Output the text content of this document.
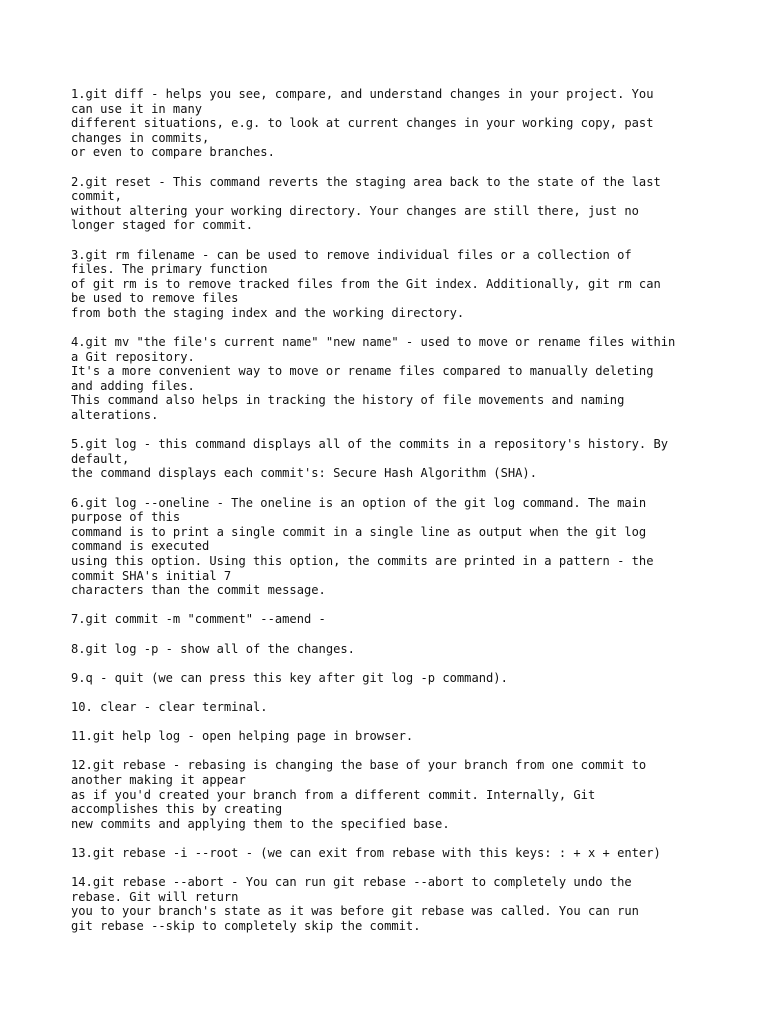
1.git diff - helps you see, compare, and understand changes in your project. You
can use it in many
different situations, e.g. to look at current changes in your working copy, past
changes in commits,
or even to compare branches.
2.git reset - This command reverts the staging area back to the state of the last
commit,
without altering your working directory. Your changes are still there, just no
longer staged for commit.
3.git rm filename - can be used to remove individual files or a collection of
files. The primary function
of git rm is to remove tracked files from the Git index. Additionally, git rm can
be used to remove files
from both the staging index and the working directory.
4.git mv "the file's current name" "new name" - used to move or rename files within
a Git repository.
It's a more convenient way to move or rename files compared to manually deleting
and adding files.
This command also helps in tracking the history of file movements and naming
alterations.
5.git log - this command displays all of the commits in a repository's history. By
default,
the command displays each commit's: Secure Hash Algorithm (SHA).
6.git log --oneline - The oneline is an option of the git log command. The main
purpose of this
command is to print a single commit in a single line as output when the git log
command is executed
using this option. Using this option, the commits are printed in a pattern - the
commit SHA's initial 7
characters than the commit message.
7.git commit -m "comment" --amend -
8.git log -p - show all of the changes.
9.q - quit (we can press this key after git log -p command).
10. clear - clear terminal.
11.git help log - open helping page in browser.
12.git rebase - rebasing is changing the base of your branch from one commit to
another making it appear
as if you'd created your branch from a different commit. Internally, Git
accomplishes this by creating
new commits and applying them to the specified base.
13.git rebase -i --root - (we can exit from rebase with this keys: : + x + enter)
14.git rebase --abort - You can run git rebase --abort to completely undo the
rebase. Git will return
you to your branch's state as it was before git rebase was called. You can run
git rebase --skip to completely skip the commit.
